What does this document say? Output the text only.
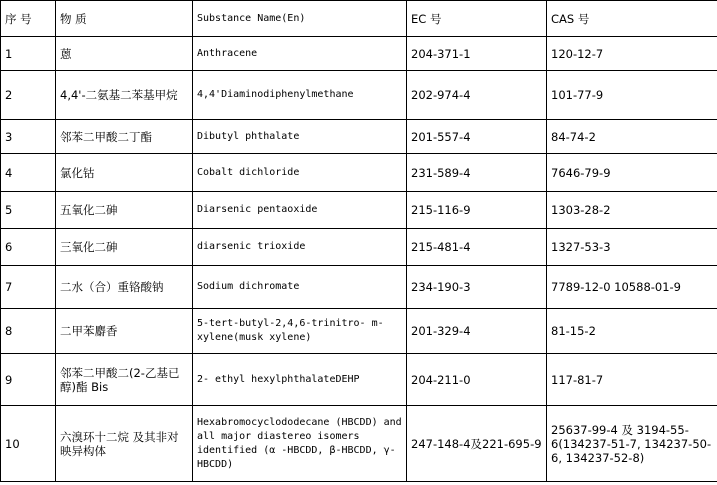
序 号	物 质	Substance Name(En)	EC 号	CAS 号
1	蒽	Anthracene	204-371-1	120-12-7
2	4,4'-二氨基二苯基甲烷	4,4'Diaminodiphenylmethane	202-974-4	101-77-9
3	邻苯二甲酸二丁酯	Dibutyl phthalate	201-557-4	84-74-2
4	氯化钴	Cobalt dichloride	231-589-4	7646-79-9
5	五氧化二砷	Diarsenic pentaoxide	215-116-9	1303-28-2
6	三氧化二砷	diarsenic trioxide	215-481-4	1327-53-3
7	二水（合）重铬酸钠	Sodium dichromate	234-190-3	7789-12-0 10588-01-9
8	二甲苯麝香	5-tert-butyl-2,4,6-trinitro- m-xylene(musk xylene)	201-329-4	81-15-2
9	邻苯二甲酸二(2-乙基已醇)酯 Bis	2- ethyl hexylphthalateDEHP	204-211-0	117-81-7
10	六溴环十二烷 及其非对映异构体	Hexabromocyclododecane (HBCDD) and all major diastereo isomers identified (α -HBCDD, β-HBCDD, γ- HBCDD)	247-148-4及221-695-9	25637-99-4 及 3194-55-6(134237-51-7, 134237-50-6, 134237-52-8)
